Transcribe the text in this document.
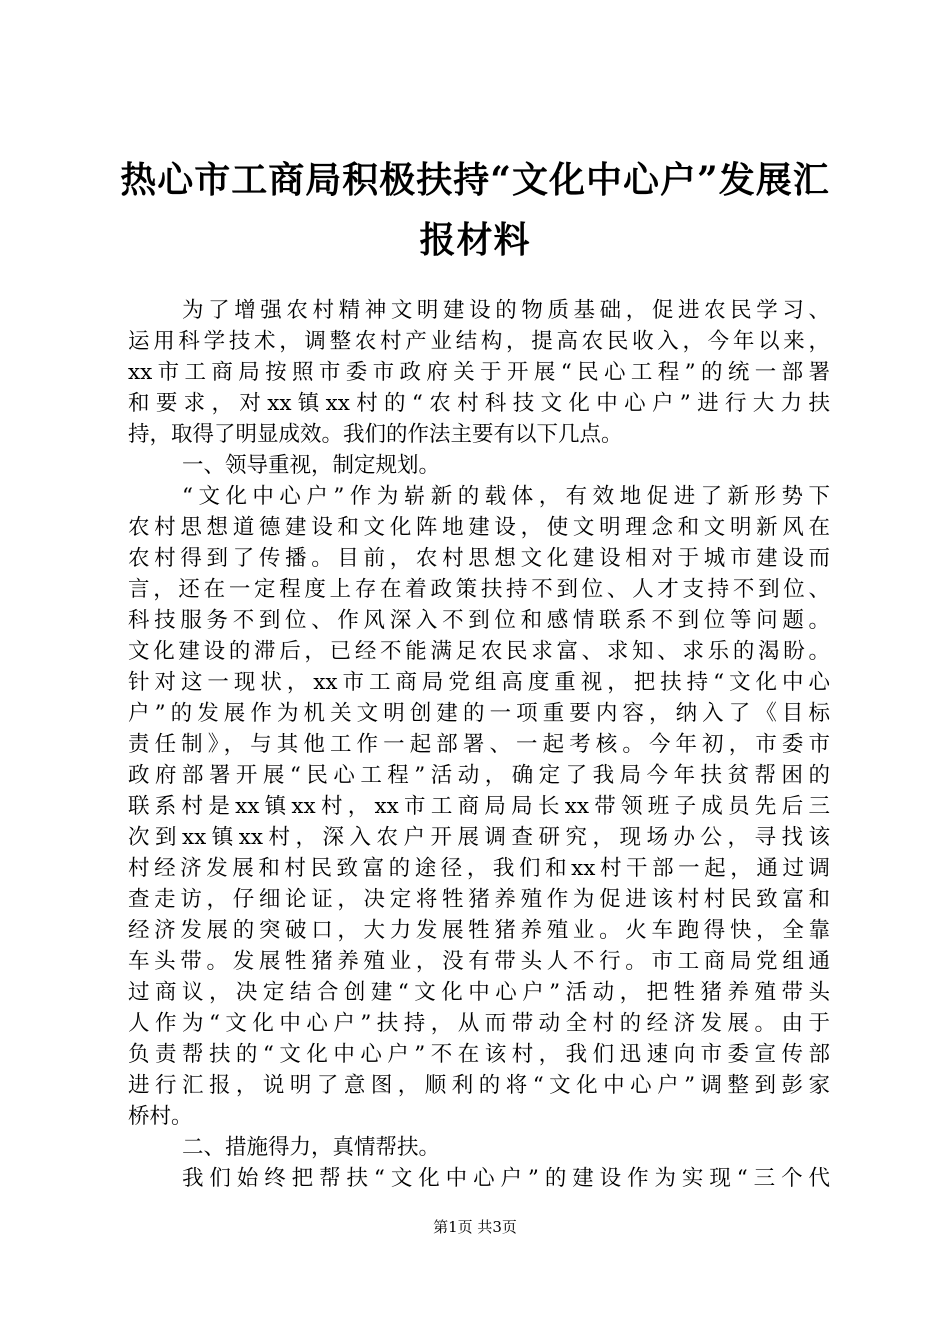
热心市工商局积极扶持“文化中心户”发展汇
报材料
为了增强农村精神文明建设的物质基础，促进农民学习、
运用科学技术，调整农村产业结构，提高农民收入，今年以来，
xx市工商局按照市委市政府关于开展“民心工程”的统一部署
和要求，对xx镇xx村的“农村科技文化中心户”进行大力扶
持，取得了明显成效。我们的作法主要有以下几点。
一、领导重视，制定规划。
“文化中心户”作为崭新的载体，有效地促进了新形势下
农村思想道德建设和文化阵地建设，使文明理念和文明新风在
农村得到了传播。目前，农村思想文化建设相对于城市建设而
言，还在一定程度上存在着政策扶持不到位、人才支持不到位、
科技服务不到位、作风深入不到位和感情联系不到位等问题。
文化建设的滞后，已经不能满足农民求富、求知、求乐的渴盼。
针对这一现状，xx市工商局党组高度重视，把扶持“文化中心
户”的发展作为机关文明创建的一项重要内容，纳入了《目标
责任制》，与其他工作一起部署、一起考核。今年初，市委市
政府部署开展“民心工程”活动，确定了我局今年扶贫帮困的
联系村是xx镇xx村，xx市工商局局长xx带领班子成员先后三
次到xx镇xx村，深入农户开展调查研究，现场办公，寻找该
村经济发展和村民致富的途径，我们和xx村干部一起，通过调
查走访，仔细论证，决定将牲猪养殖作为促进该村村民致富和
经济发展的突破口，大力发展牲猪养殖业。火车跑得快，全靠
车头带。发展牲猪养殖业，没有带头人不行。市工商局党组通
过商议，决定结合创建“文化中心户”活动，把牲猪养殖带头
人作为“文化中心户”扶持，从而带动全村的经济发展。由于
负责帮扶的“文化中心户”不在该村，我们迅速向市委宣传部
进行汇报，说明了意图，顺利的将“文化中心户”调整到彭家
桥村。
二、措施得力，真情帮扶。
我们始终把帮扶“文化中心户”的建设作为实现“三个代
第1页 共3页
